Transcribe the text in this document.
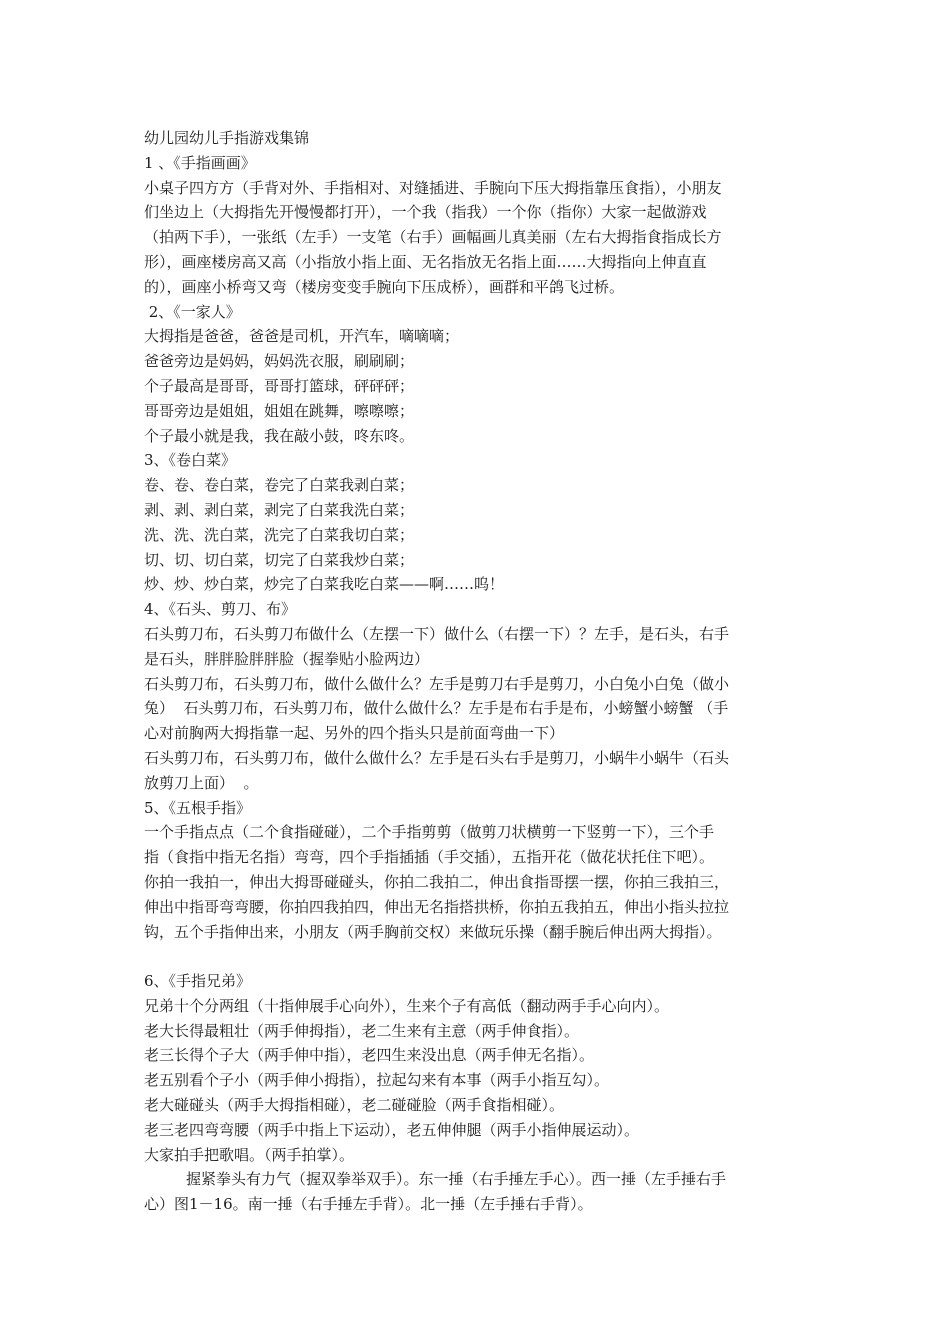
幼儿园幼儿手指游戏集锦

1 、《手指画画》

小桌子四方方（手背对外、手指相对、对缝插进、手腕向下压大拇指靠压食指），小朋友

们坐边上（大拇指先开慢慢都打开），一个我（指我）一个你（指你）大家一起做游戏

（拍两下手），一张纸（左手）一支笔（右手）画幅画儿真美丽（左右大拇指食指成长方

形），画座楼房高又高（小指放小指上面、无名指放无名指上面……大拇指向上伸直直

的），画座小桥弯又弯（楼房变变手腕向下压成桥），画群和平鸽飞过桥。

2、《一家人》

大拇指是爸爸，爸爸是司机，开汽车，嘀嘀嘀；

爸爸旁边是妈妈，妈妈洗衣服，刷刷刷；

个子最高是哥哥，哥哥打篮球，砰砰砰；

哥哥旁边是姐姐，姐姐在跳舞，嚓嚓嚓；

个子最小就是我，我在敲小鼓，咚东咚。

3、《卷白菜》

卷、卷、卷白菜，卷完了白菜我剥白菜；

剥、剥、剥白菜，剥完了白菜我洗白菜；

洗、洗、洗白菜，洗完了白菜我切白菜；

切、切、切白菜，切完了白菜我炒白菜；

炒、炒、炒白菜，炒完了白菜我吃白菜——啊……呜！

4、《石头、剪刀、布》

石头剪刀布，石头剪刀布做什么（左摆一下）做什么（右摆一下）？左手，是石头，右手

是石头，胖胖脸胖胖脸（握拳贴小脸两边）

石头剪刀布，石头剪刀布，做什么做什么？左手是剪刀右手是剪刀，小白兔小白兔（做小

兔）  石头剪刀布，石头剪刀布，做什么做什么？左手是布右手是布，小螃蟹小螃蟹 （手

心对前胸两大拇指靠一起、另外的四个指头只是前面弯曲一下）

石头剪刀布，石头剪刀布，做什么做什么？左手是石头右手是剪刀，小蜗牛小蜗牛（石头

放剪刀上面）  。

5、《五根手指》

一个手指点点（二个食指碰碰），二个手指剪剪（做剪刀状横剪一下竖剪一下），三个手

指（食指中指无名指）弯弯，四个手指插插（手交插），五指开花（做花状托住下吧）。

你拍一我拍一，伸出大拇哥碰碰头，你拍二我拍二，伸出食指哥摆一摆，你拍三我拍三，

伸出中指哥弯弯腰，你拍四我拍四，伸出无名指搭拱桥，你拍五我拍五，伸出小指头拉拉

钩，五个手指伸出来，小朋友（两手胸前交权）来做玩乐操（翻手腕后伸出两大拇指）。

6、《手指兄弟》

兄弟十个分两组（十指伸展手心向外），生来个子有高低（翻动两手手心向内）。

老大长得最粗壮（两手伸拇指），老二生来有主意（两手伸食指）。

老三长得个子大（两手伸中指），老四生来没出息（两手伸无名指）。

老五别看个子小（两手伸小拇指），拉起勾来有本事（两手小指互勾）。

老大碰碰头（两手大拇指相碰），老二碰碰脸（两手食指相碰）。

老三老四弯弯腰（两手中指上下运动），老五伸伸腿（两手小指伸展运动）。

大家拍手把歌唱。（两手拍掌）。

握紧拳头有力气（握双拳举双手）。东一捶（右手捶左手心）。西一捶（左手捶右手

心）图1－16。南一捶（右手捶左手背）。北一捶（左手捶右手背）。
